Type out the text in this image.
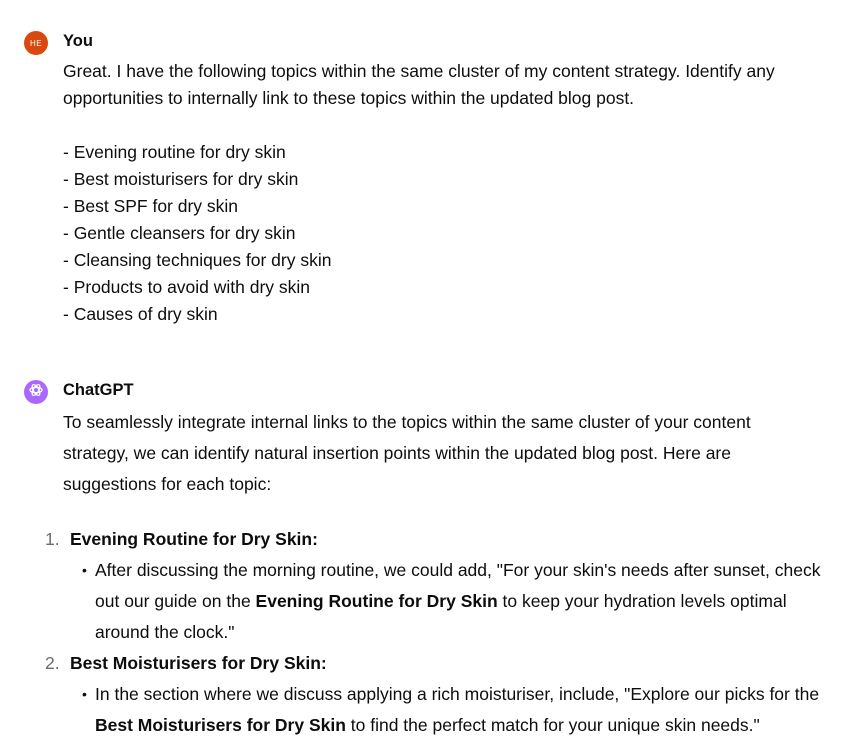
HE You

Great. I have the following topics within the same cluster of my content strategy. Identify any opportunities to internally link to these topics within the updated blog post.

- Evening routine for dry skin
- Best moisturisers for dry skin
- Best SPF for dry skin
- Gentle cleansers for dry skin
- Cleansing techniques for dry skin
- Products to avoid with dry skin
- Causes of dry skin
ChatGPT

To seamlessly integrate internal links to the topics within the same cluster of your content strategy, we can identify natural insertion points within the updated blog post. Here are suggestions for each topic:

1. Evening Routine for Dry Skin:
• After discussing the morning routine, we could add, "For your skin's needs after sunset, check out our guide on the Evening Routine for Dry Skin to keep your hydration levels optimal around the clock."
2. Best Moisturisers for Dry Skin:
• In the section where we discuss applying a rich moisturiser, include, "Explore our picks for the Best Moisturisers for Dry Skin to find the perfect match for your unique skin needs."
